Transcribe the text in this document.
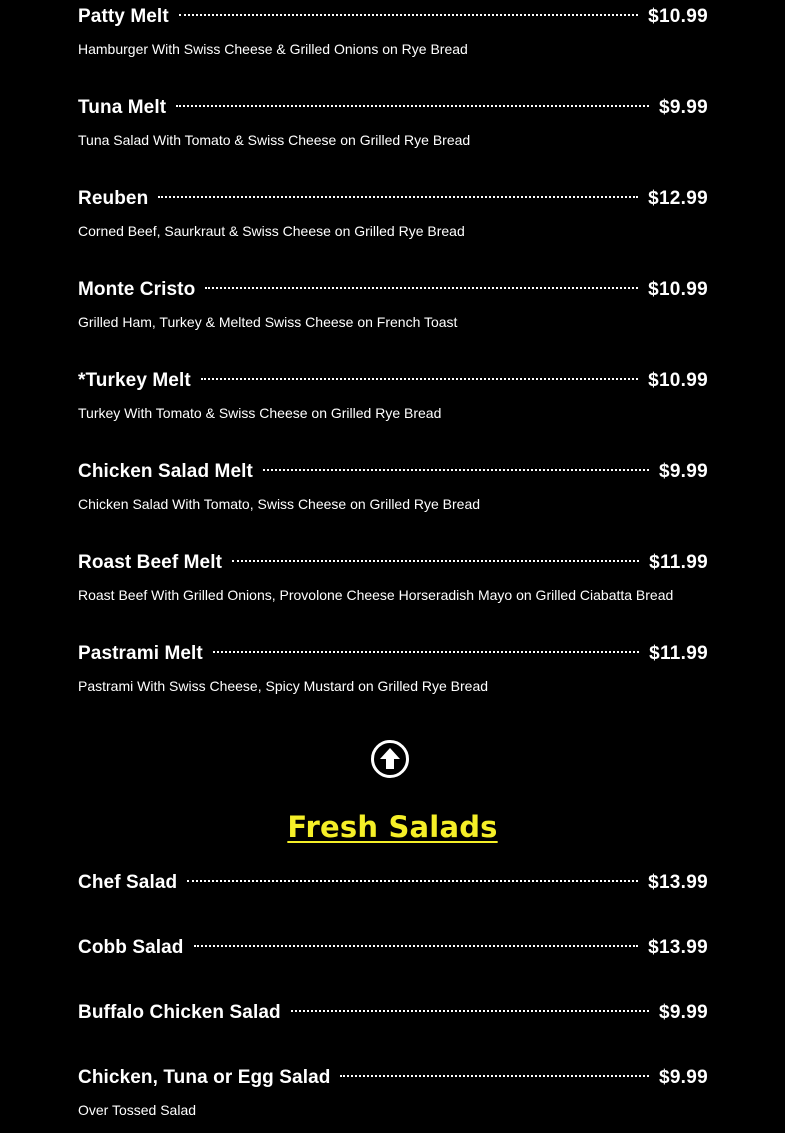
Patty Melt	$10.99
Hamburger With Swiss Cheese & Grilled Onions on Rye Bread
Tuna Melt	$9.99
Tuna Salad With Tomato & Swiss Cheese on Grilled Rye Bread
Reuben	$12.99
Corned Beef, Saurkraut & Swiss Cheese on Grilled Rye Bread
Monte Cristo	$10.99
Grilled Ham, Turkey & Melted Swiss Cheese on French Toast
*Turkey Melt	$10.99
Turkey With Tomato & Swiss Cheese on Grilled Rye Bread
Chicken Salad Melt	$9.99
Chicken Salad With Tomato, Swiss Cheese on Grilled Rye Bread
Roast Beef Melt	$11.99
Roast Beef With Grilled Onions, Provolone Cheese Horseradish Mayo on Grilled Ciabatta Bread
Pastrami Melt	$11.99
Pastrami With Swiss Cheese, Spicy Mustard on Grilled Rye Bread
Fresh Salads
Chef Salad	$13.99
Cobb Salad	$13.99
Buffalo Chicken Salad	$9.99
Chicken, Tuna or Egg Salad	$9.99
Over Tossed Salad
